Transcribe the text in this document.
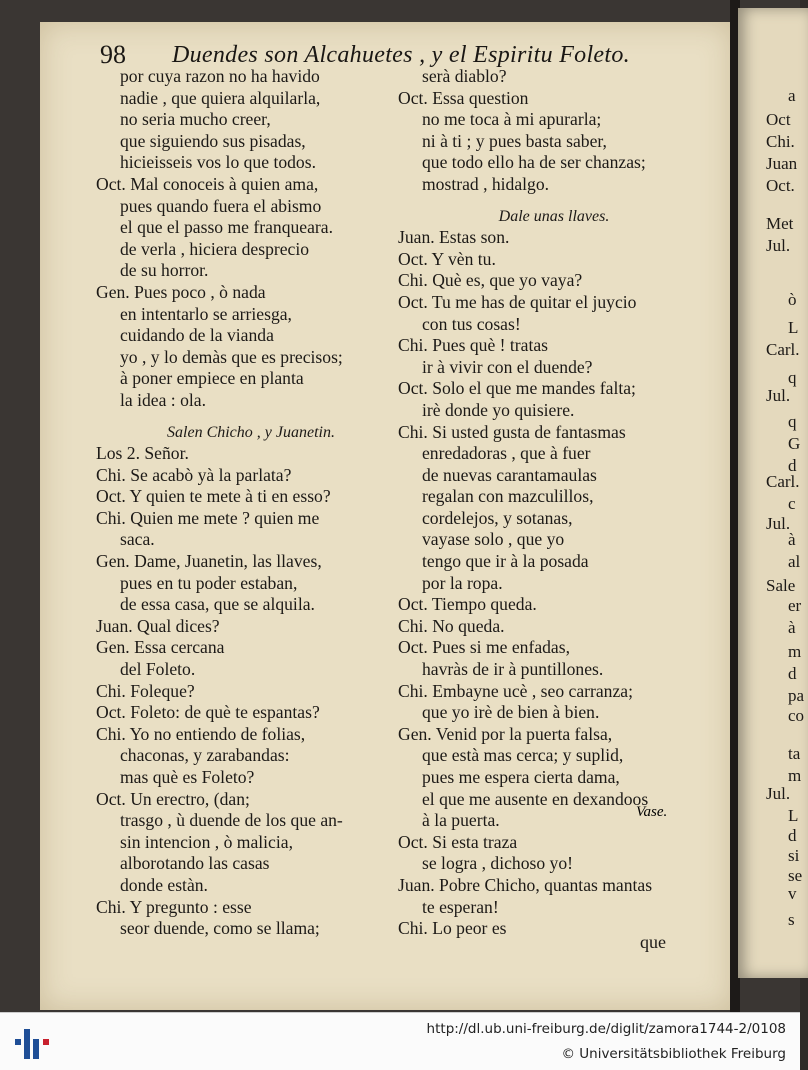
a
Oct
Chi.
Juan
Oct.
Met
Jul.
ò
L
Carl.
q
Jul.
q
G
d
Carl.
c
Jul.
à
al
Sale
er
à
m
d
pa
co
ta
m
Jul.
L
d
si
se
v
s
98 Duendes son Alcahuetes , y el Espiritu Foleto.
por cuya razon no ha havido
nadie , que quiera alquilarla,
no seria mucho creer,
que siguiendo sus pisadas,
hicieisseis vos lo que todos.
Oct. Mal conoceis à quien ama,
pues quando fuera el abismo
el que el passo me franqueara.
de verla , hiciera desprecio
de su horror.
Gen. Pues poco , ò nada
en intentarlo se arriesga,
cuidando de la vianda
yo , y lo demàs que es precisos;
à poner empiece en planta
la idea : ola.
Salen Chicho , y Juanetin.
Los 2. Señor.
Chi. Se acabò yà la parlata?
Oct. Y quien te mete à ti en esso?
Chi. Quien me mete ? quien me
saca.
Gen. Dame, Juanetin, las llaves,
pues en tu poder estaban,
de essa casa, que se alquila.
Juan. Qual dices?
Gen. Essa cercana
del Foleto.
Chi. Foleque?
Oct. Foleto: de què te espantas?
Chi. Yo no entiendo de folias,
chaconas, y zarabandas:
mas què es Foleto?
Oct. Un erectro, (dan;
trasgo , ù duende de los que an-
sin intencion , ò malicia,
alborotando las casas
donde estàn.
Chi. Y pregunto : esse
seor duende, como se llama;
serà diablo?
Oct. Essa question
no me toca à mi apurarla;
ni à ti ; y pues basta saber,
que todo ello ha de ser chanzas;
mostrad , hidalgo.
Dale unas llaves.
Juan. Estas son.
Oct. Y vèn tu.
Chi. Què es, que yo vaya?
Oct. Tu me has de quitar el juycio
con tus cosas!
Chi. Pues què ! tratas
ir à vivir con el duende?
Oct. Solo el que me mandes falta;
irè donde yo quisiere.
Chi. Si usted gusta de fantasmas
enredadoras , que à fuer
de nuevas carantamaulas
regalan con mazculillos,
cordelejos, y sotanas,
vayase solo , que yo
tengo que ir à la posada
por la ropa.
Oct. Tiempo queda.
Chi. No queda.
Oct. Pues si me enfadas,
havràs de ir à puntillones.
Chi. Embayne ucè , seo carranza;
que yo irè de bien à bien.
Gen. Venid por la puerta falsa,
que està mas cerca; y suplid,
pues me espera cierta dama,
el que me ausente en dexandoos
à la puerta.
Oct. Si esta traza
se logra , dichoso yo!
Juan. Pobre Chicho, quantas mantas
te esperan!
Chi. Lo peor es
Vase.
que
http://dl.ub.uni-freiburg.de/diglit/zamora1744-2/0108
© Universitätsbibliothek Freiburg
